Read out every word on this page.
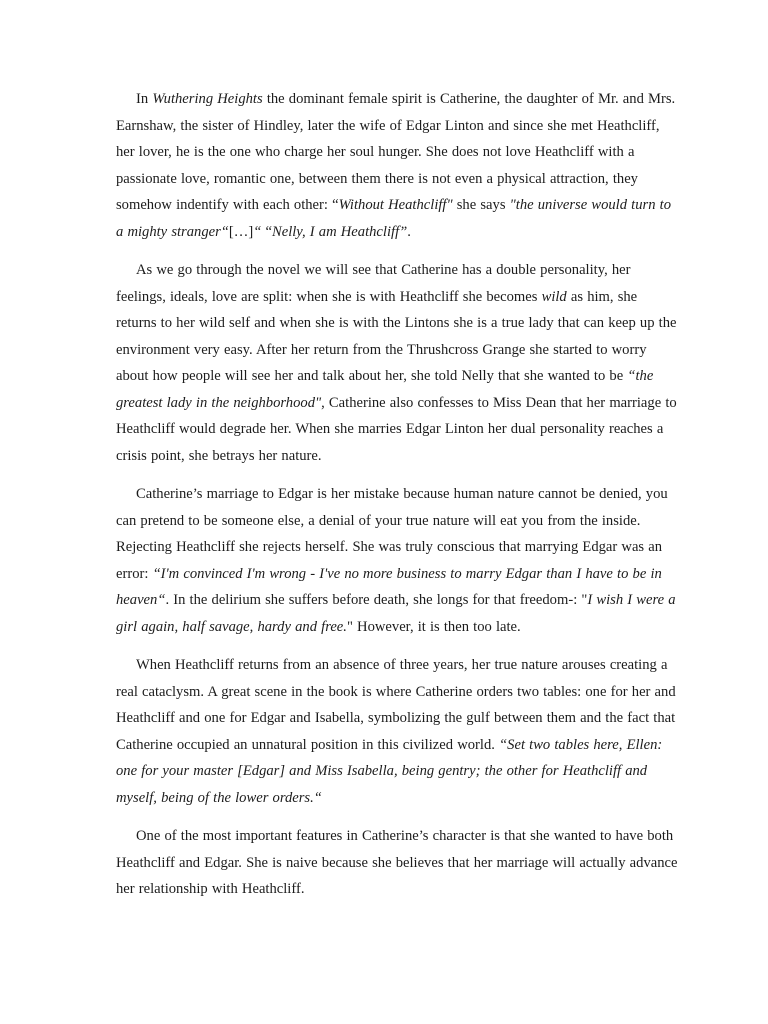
In Wuthering Heights the dominant female spirit is Catherine, the daughter of Mr. and Mrs. Earnshaw, the sister of Hindley, later the wife of Edgar Linton and since she met Heathcliff, her lover, he is the one who charge her soul hunger. She does not love Heathcliff with a passionate love, romantic one, between them there is not even a physical attraction, they somehow indentify with each other: “Without Heathcliff" she says "the universe would turn to a mighty stranger“[…]“ “Nelly, I am Heathcliff”.

As we go through the novel we will see that Catherine has a double personality, her feelings, ideals, love are split: when she is with Heathcliff she becomes wild as him, she returns to her wild self and when she is with the Lintons she is a true lady that can keep up the environment very easy. After her return from the Thrushcross Grange she started to worry about how people will see her and talk about her, she told Nelly that she wanted to be “the greatest lady in the neighborhood", Catherine also confesses to Miss Dean that her marriage to Heathcliff would degrade her. When she marries Edgar Linton her dual personality reaches a crisis point, she betrays her nature.

Catherine’s marriage to Edgar is her mistake because human nature cannot be denied, you can pretend to be someone else, a denial of your true nature will eat you from the inside. Rejecting Heathcliff she rejects herself. She was truly conscious that marrying Edgar was an error: “I'm convinced I'm wrong - I've no more business to marry Edgar than I have to be in heaven“. In the delirium she suffers before death, she longs for that freedom-: "I wish I were a girl again, half savage, hardy and free." However, it is then too late.

When Heathcliff returns from an absence of three years, her true nature arouses creating a real cataclysm. A great scene in the book is where Catherine orders two tables: one for her and Heathcliff and one for Edgar and Isabella, symbolizing the gulf between them and the fact that Catherine occupied an unnatural position in this civilized world. “Set two tables here, Ellen: one for your master [Edgar] and Miss Isabella, being gentry; the other for Heathcliff and myself, being of the lower orders.“

One of the most important features in Catherine’s character is that she wanted to have both Heathcliff and Edgar. She is naive because she believes that her marriage will actually advance her relationship with Heathcliff.
